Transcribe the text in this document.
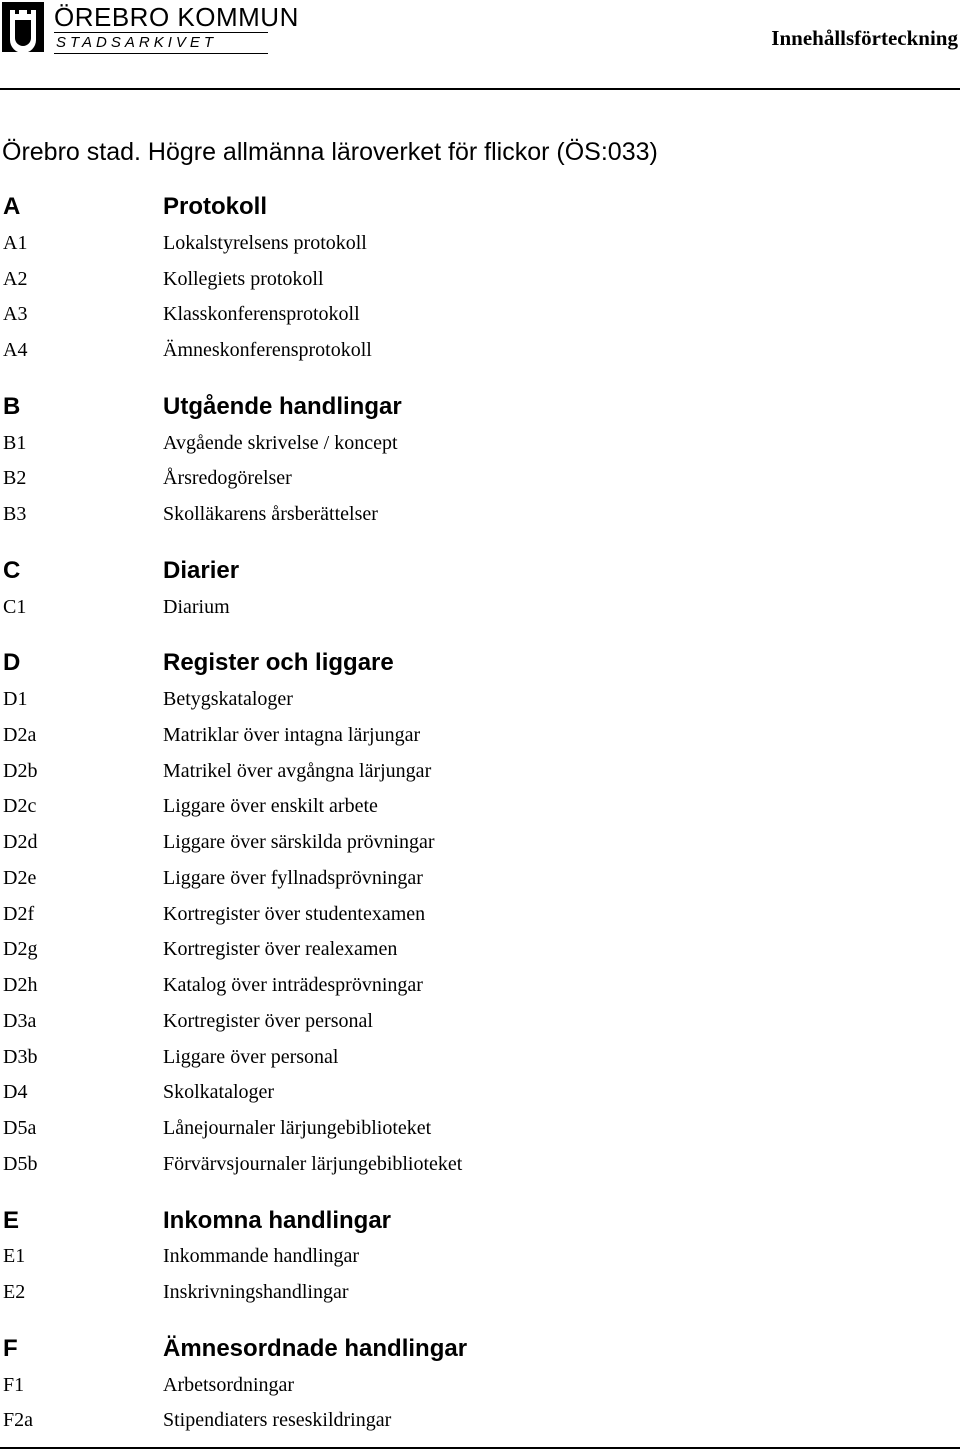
ÖREBRO KOMMUN
STADSARKIVET	Innehållsförteckning
Örebro stad. Högre allmänna läroverket för flickor (ÖS:033)
A	Protokoll
A1	Lokalstyrelsens protokoll
A2	Kollegiets protokoll
A3	Klasskonferensprotokoll
A4	Ämneskonferensprotokoll
B	Utgående handlingar
B1	Avgående skrivelse / koncept
B2	Årsredogörelser
B3	Skolläkarens årsberättelser
C	Diarier
C1	Diarium
D	Register och liggare
D1	Betygskataloger
D2a	Matriklar över intagna lärjungar
D2b	Matrikel över avgångna lärjungar
D2c	Liggare över enskilt arbete
D2d	Liggare över särskilda prövningar
D2e	Liggare över fyllnadsprövningar
D2f	Kortregister över studentexamen
D2g	Kortregister över realexamen
D2h	Katalog över inträdesprövningar
D3a	Kortregister över personal
D3b	Liggare över personal
D4	Skolkataloger
D5a	Lånejournaler lärjungebiblioteket
D5b	Förvärvsjournaler lärjungebiblioteket
E	Inkomna handlingar
E1	Inkommande handlingar
E2	Inskrivningshandlingar
F	Ämnesordnade handlingar
F1	Arbetsordningar
F2a	Stipendiaters reseskildringar
